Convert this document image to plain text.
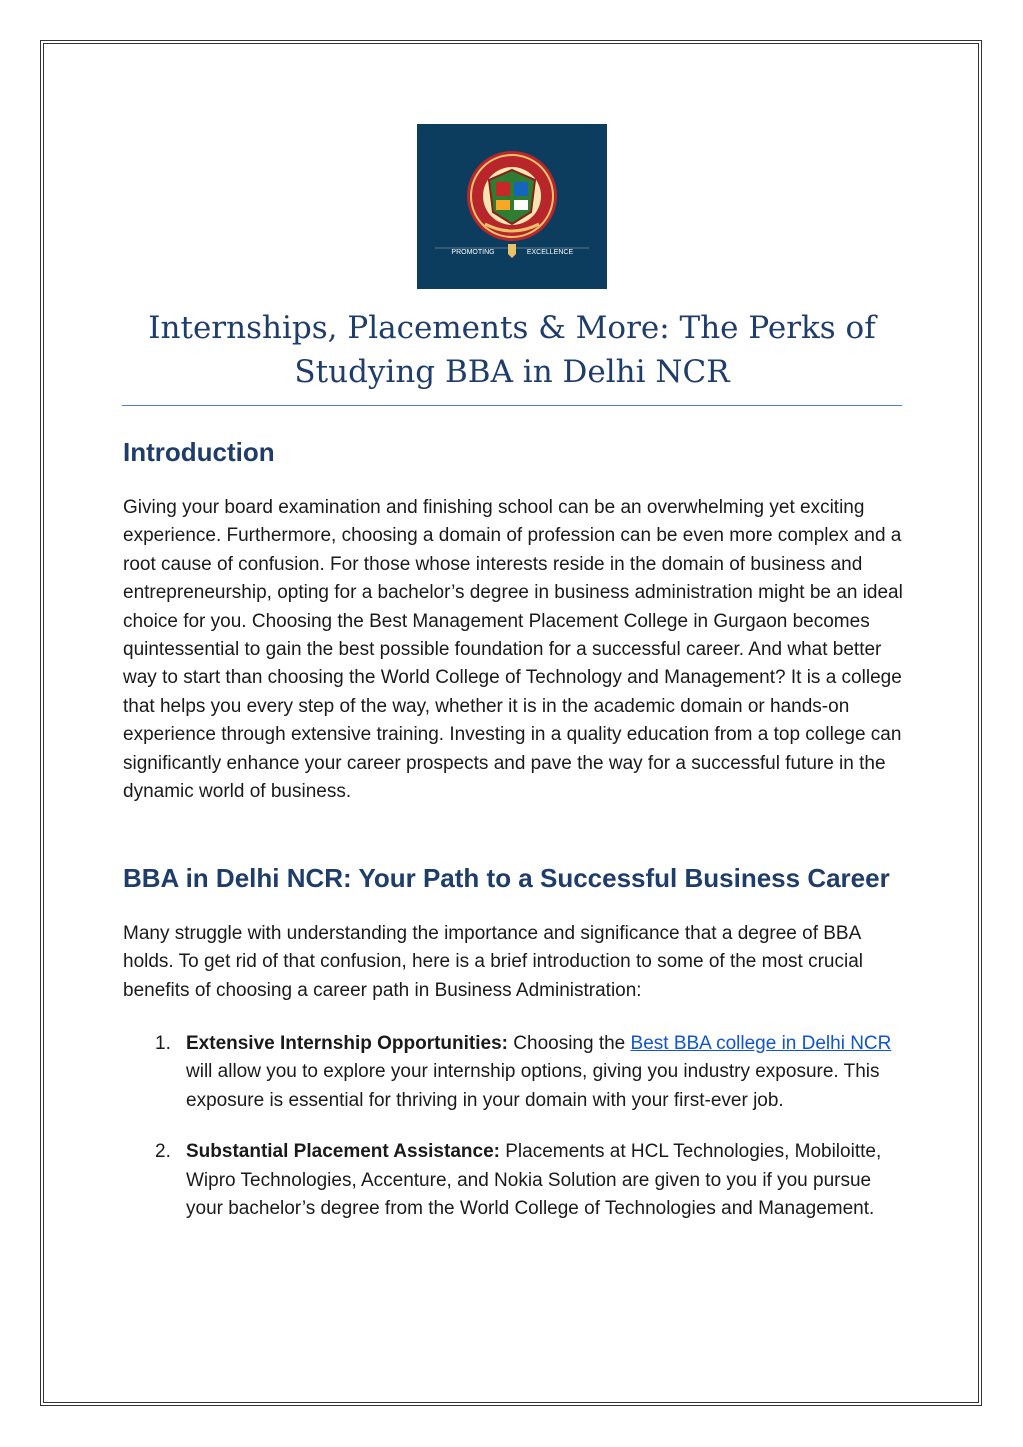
PROMOTING	EXCELLENCE
Internships, Placements & More: The Perks of Studying BBA in Delhi NCR
Introduction

Giving your board examination and finishing school can be an overwhelming yet exciting experience. Furthermore, choosing a domain of profession can be even more complex and a root cause of confusion. For those whose interests reside in the domain of business and entrepreneurship, opting for a bachelor’s degree in business administration might be an ideal choice for you. Choosing the Best Management Placement College in Gurgaon becomes quintessential to gain the best possible foundation for a successful career. And what better way to start than choosing the World College of Technology and Management? It is a college that helps you every step of the way, whether it is in the academic domain or hands-on experience through extensive training. Investing in a quality education from a top college can significantly enhance your career prospects and pave the way for a successful future in the dynamic world of business.

BBA in Delhi NCR: Your Path to a Successful Business Career

Many struggle with understanding the importance and significance that a degree of BBA holds. To get rid of that confusion, here is a brief introduction to some of the most crucial benefits of choosing a career path in Business Administration:

1. Extensive Internship Opportunities: Choosing the Best BBA college in Delhi NCR will allow you to explore your internship options, giving you industry exposure. This exposure is essential for thriving in your domain with your first-ever job.
2. Substantial Placement Assistance: Placements at HCL Technologies, Mobiloitte, Wipro Technologies, Accenture, and Nokia Solution are given to you if you pursue your bachelor’s degree from the World College of Technologies and Management.
